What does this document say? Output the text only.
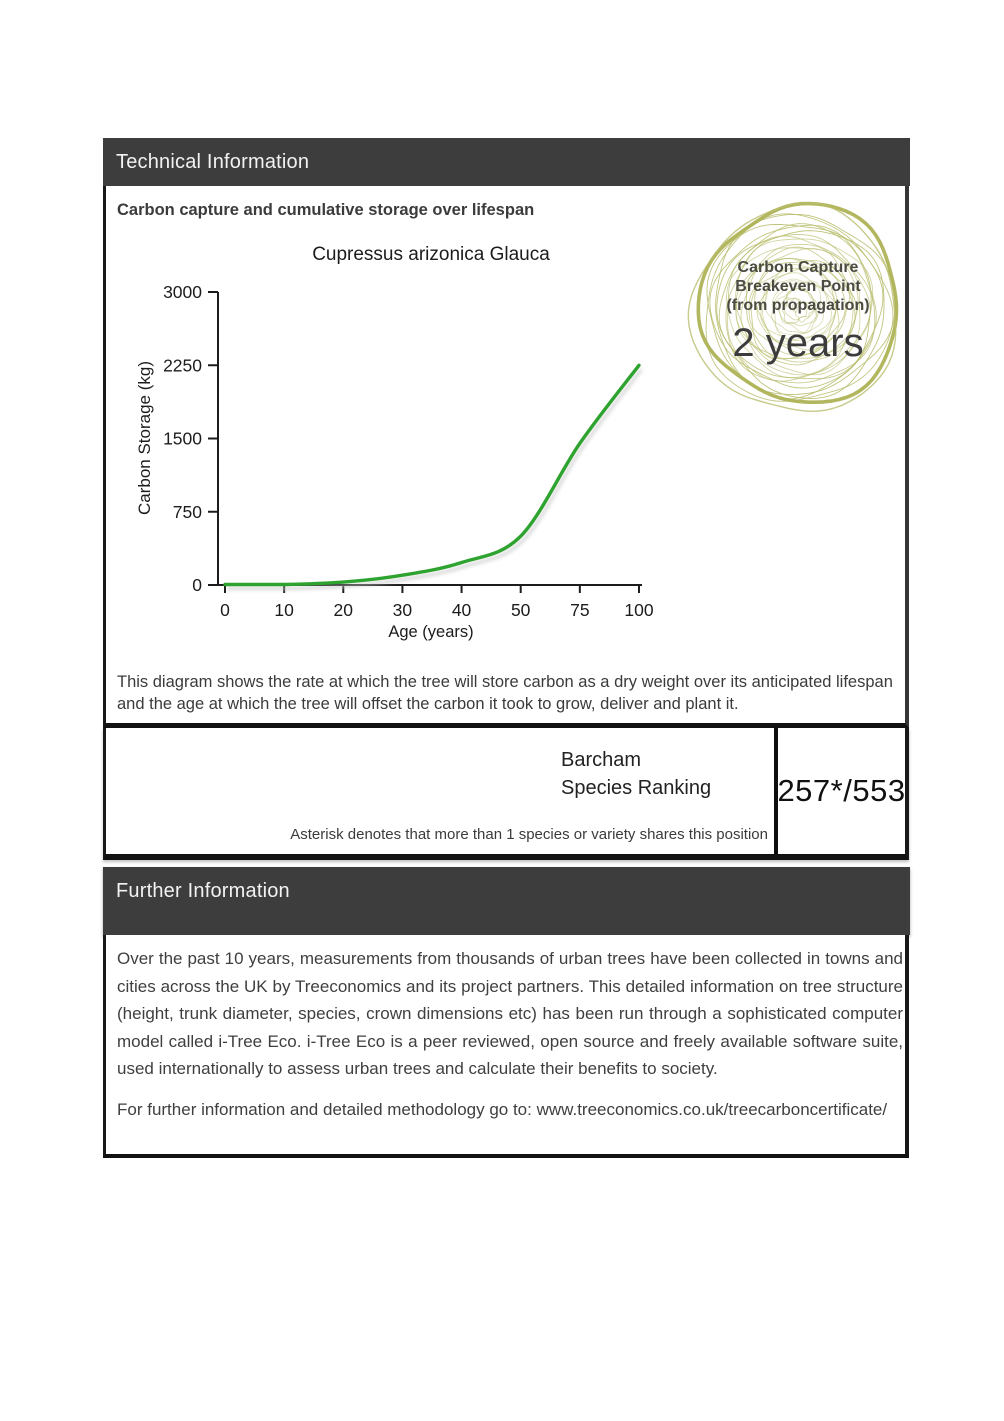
Technical Information
Carbon capture and cumulative storage over lifespan
Cupressus arizonica Glauca
0
750
1500
2250
3000
0	10 20 30 40 50 75 100
Carbon Storage (kg)
Age (years)
Carbon Capture
Breakeven Point
(from propagation)
2 years
This diagram shows the rate at which the tree will store carbon as a dry weight over its anticipated lifespan and the age at which the tree will offset the carbon it took to grow, deliver and plant it.
Barcham
Species Ranking
Asterisk denotes that more than 1 species or variety shares this position
257*/553
Further Information
Over the past 10 years, measurements from thousands of urban trees have been collected in towns and cities across the UK by Treeconomics and its project partners. This detailed information on tree structure (height, trunk diameter, species, crown dimensions etc) has been run through a sophisticated computer model called i-Tree Eco. i-Tree Eco is a peer reviewed, open source and freely available software suite, used internationally to assess urban trees and calculate their benefits to society.
For further information and detailed methodology go to: www.treeconomics.co.uk/treecarboncertificate/
